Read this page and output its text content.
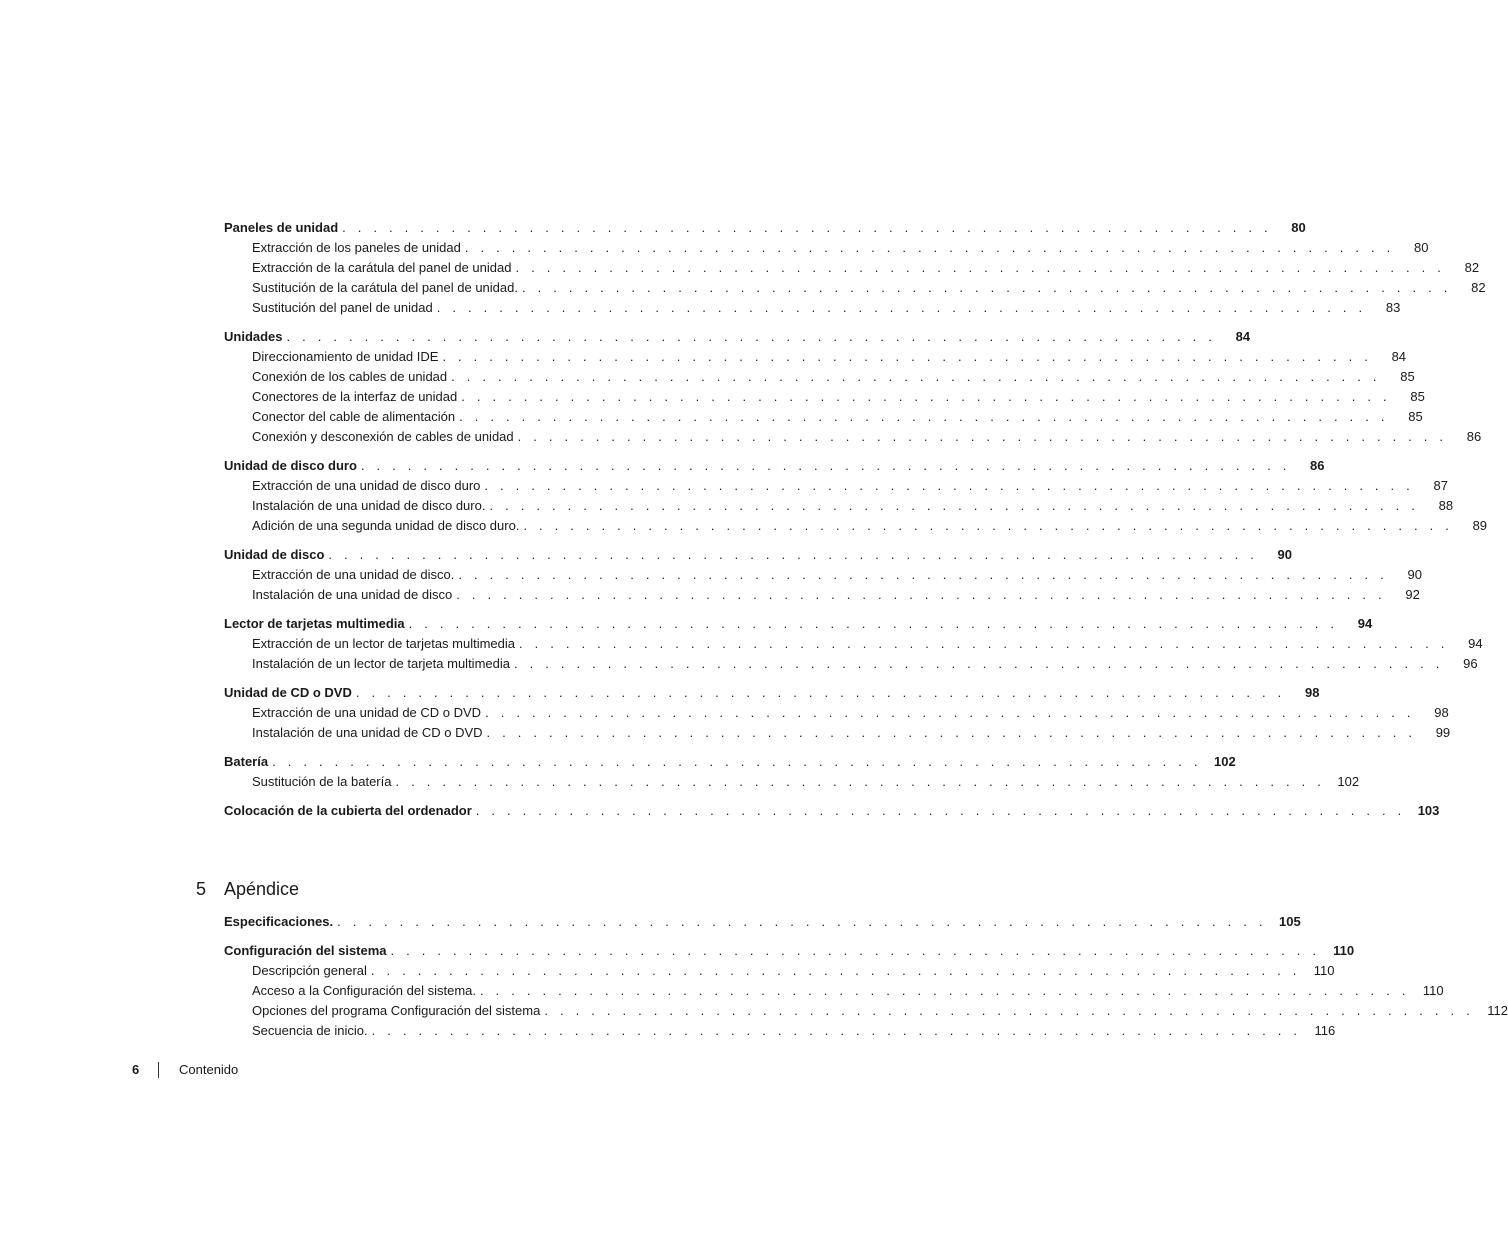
Paneles de unidad . . . . . . . . . . . . . . . . . . . . . . . . . . . . . . . . . . . . . . . . . . . . . . . . . . . . . . . . . . . .	80
Extracción de los paneles de unidad . . . . . . . . . . . . . . . . . . . . . . . . . . . . . . . . . . . . . . . . . . . . . . . . . . . . . . . . . . . .	80
Extracción de la carátula del panel de unidad . . . . . . . . . . . . . . . . . . . . . . . . . . . . . . . . . . . . . . . . . . . . . . . . . . . . . . . . . . . .	82
Sustitución de la carátula del panel de unidad. . . . . . . . . . . . . . . . . . . . . . . . . . . . . . . . . . . . . . . . . . . . . . . . . . . . . . . . . . . . .	82
Sustitución del panel de unidad . . . . . . . . . . . . . . . . . . . . . . . . . . . . . . . . . . . . . . . . . . . . . . . . . . . . . . . . . . . .	83
Unidades . . . . . . . . . . . . . . . . . . . . . . . . . . . . . . . . . . . . . . . . . . . . . . . . . . . . . . . . . . . .	84
Direccionamiento de unidad IDE . . . . . . . . . . . . . . . . . . . . . . . . . . . . . . . . . . . . . . . . . . . . . . . . . . . . . . . . . . . .	84
Conexión de los cables de unidad . . . . . . . . . . . . . . . . . . . . . . . . . . . . . . . . . . . . . . . . . . . . . . . . . . . . . . . . . . . .	85
Conectores de la interfaz de unidad . . . . . . . . . . . . . . . . . . . . . . . . . . . . . . . . . . . . . . . . . . . . . . . . . . . . . . . . . . . .	85
Conector del cable de alimentación . . . . . . . . . . . . . . . . . . . . . . . . . . . . . . . . . . . . . . . . . . . . . . . . . . . . . . . . . . . .	85
Conexión y desconexión de cables de unidad . . . . . . . . . . . . . . . . . . . . . . . . . . . . . . . . . . . . . . . . . . . . . . . . . . . . . . . . . . . .	86
Unidad de disco duro . . . . . . . . . . . . . . . . . . . . . . . . . . . . . . . . . . . . . . . . . . . . . . . . . . . . . . . . . . . .	86
Extracción de una unidad de disco duro . . . . . . . . . . . . . . . . . . . . . . . . . . . . . . . . . . . . . . . . . . . . . . . . . . . . . . . . . . . .	87
Instalación de una unidad de disco duro. . . . . . . . . . . . . . . . . . . . . . . . . . . . . . . . . . . . . . . . . . . . . . . . . . . . . . . . . . . . .	88
Adición de una segunda unidad de disco duro. . . . . . . . . . . . . . . . . . . . . . . . . . . . . . . . . . . . . . . . . . . . . . . . . . . . . . . . . . . . .	89
Unidad de disco . . . . . . . . . . . . . . . . . . . . . . . . . . . . . . . . . . . . . . . . . . . . . . . . . . . . . . . . . . . .	90
Extracción de una unidad de disco. . . . . . . . . . . . . . . . . . . . . . . . . . . . . . . . . . . . . . . . . . . . . . . . . . . . . . . . . . . . .	90
Instalación de una unidad de disco . . . . . . . . . . . . . . . . . . . . . . . . . . . . . . . . . . . . . . . . . . . . . . . . . . . . . . . . . . . .	92
Lector de tarjetas multimedia . . . . . . . . . . . . . . . . . . . . . . . . . . . . . . . . . . . . . . . . . . . . . . . . . . . . . . . . . . . .	94
Extracción de un lector de tarjetas multimedia . . . . . . . . . . . . . . . . . . . . . . . . . . . . . . . . . . . . . . . . . . . . . . . . . . . . . . . . . . . .	94
Instalación de un lector de tarjeta multimedia . . . . . . . . . . . . . . . . . . . . . . . . . . . . . . . . . . . . . . . . . . . . . . . . . . . . . . . . . . . .	96
Unidad de CD o DVD . . . . . . . . . . . . . . . . . . . . . . . . . . . . . . . . . . . . . . . . . . . . . . . . . . . . . . . . . . . .	98
Extracción de una unidad de CD o DVD . . . . . . . . . . . . . . . . . . . . . . . . . . . . . . . . . . . . . . . . . . . . . . . . . . . . . . . . . . . .	98
Instalación de una unidad de CD o DVD . . . . . . . . . . . . . . . . . . . . . . . . . . . . . . . . . . . . . . . . . . . . . . . . . . . . . . . . . . . .	99
Batería . . . . . . . . . . . . . . . . . . . . . . . . . . . . . . . . . . . . . . . . . . . . . . . . . . . . . . . . . . . . 102
Sustitución de la batería . . . . . . . . . . . . . . . . . . . . . . . . . . . . . . . . . . . . . . . . . . . . . . . . . . . . . . . . . . . . 102
Colocación de la cubierta del ordenador . . . . . . . . . . . . . . . . . . . . . . . . . . . . . . . . . . . . . . . . . . . . . . . . . . . . . . . . . . . . 103
5 Apéndice
Especificaciones. . . . . . . . . . . . . . . . . . . . . . . . . . . . . . . . . . . . . . . . . . . . . . . . . . . . . . . . . . . . . 105
Configuración del sistema . . . . . . . . . . . . . . . . . . . . . . . . . . . . . . . . . . . . . . . . . . . . . . . . . . . . . . . . . . . .	110
Descripción general . . . . . . . . . . . . . . . . . . . . . . . . . . . . . . . . . . . . . . . . . . . . . . . . . . . . . . . . . . . .	110
Acceso a la Configuración del sistema. . . . . . . . . . . . . . . . . . . . . . . . . . . . . . . . . . . . . . . . . . . . . . . . . . . . . . . . . . . . .	110
Opciones del programa Configuración del sistema . . . . . . . . . . . . . . . . . . . . . . . . . . . . . . . . . . . . . . . . . . . . . . . . . . . . . . . . . . . .	112
Secuencia de inicio. . . . . . . . . . . . . . . . . . . . . . . . . . . . . . . . . . . . . . . . . . . . . . . . . . . . . . . . . . . . .	116
6	Contenido
